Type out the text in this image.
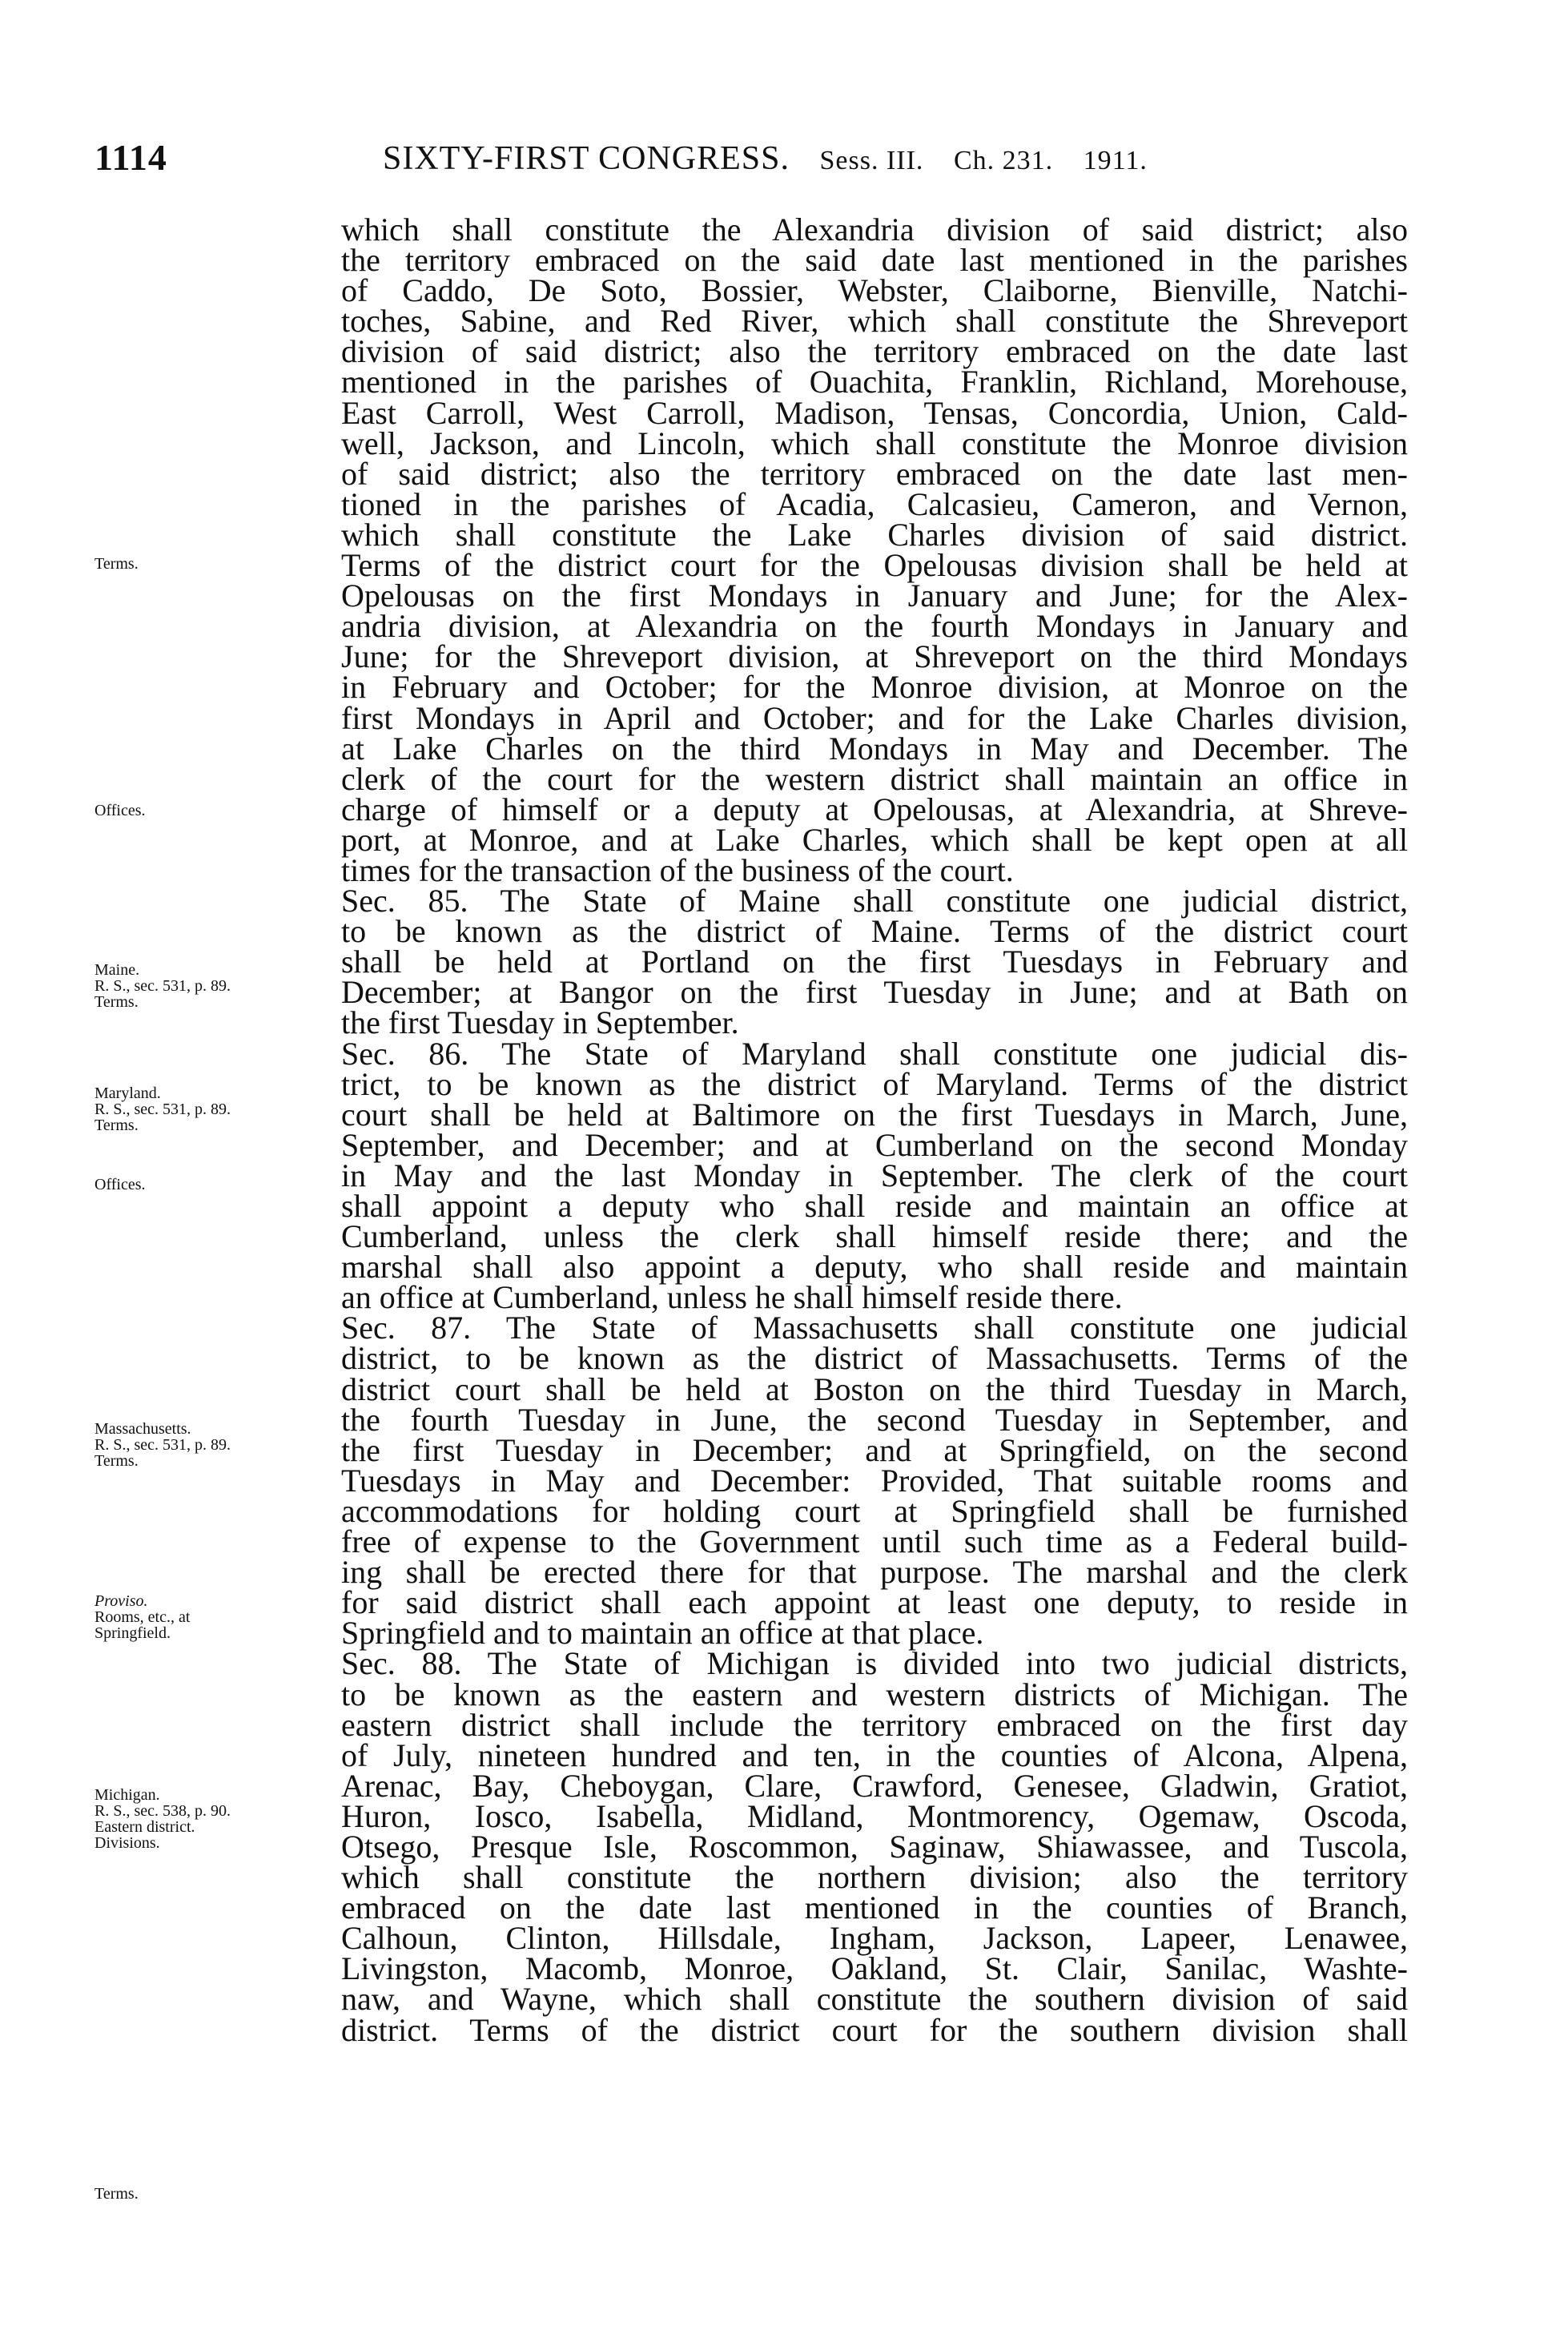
1114	SIXTY-FIRST CONGRESS. Sess. III. Ch. 231. 1911.
Terms.
Offices.
Maine.
R. S., sec. 531, p. 89.
Terms.
Maryland.
R. S., sec. 531, p. 89.
Terms.
Offices.
Massachusetts.
R. S., sec. 531, p. 89.
Terms.
Proviso.
Rooms, etc., at
Springfield.
Michigan.
R. S., sec. 538, p. 90.
Eastern district.
Divisions.
Terms.
which shall constitute the Alexandria division of said district; also
the territory embraced on the said date last mentioned in the parishes
of Caddo, De Soto, Bossier, Webster, Claiborne, Bienville, Natchi-
toches, Sabine, and Red River, which shall constitute the Shreveport
division of said district; also the territory embraced on the date last
mentioned in the parishes of Ouachita, Franklin, Richland, Morehouse,
East Carroll, West Carroll, Madison, Tensas, Concordia, Union, Cald-
well, Jackson, and Lincoln, which shall constitute the Monroe division
of said district; also the territory embraced on the date last men-
tioned in the parishes of Acadia, Calcasieu, Cameron, and Vernon,
which shall constitute the Lake Charles division of said district.
Terms of the district court for the Opelousas division shall be held at
Opelousas on the first Mondays in January and June; for the Alex-
andria division, at Alexandria on the fourth Mondays in January and
June; for the Shreveport division, at Shreveport on the third Mondays
in February and October; for the Monroe division, at Monroe on the
first Mondays in April and October; and for the Lake Charles division,
at Lake Charles on the third Mondays in May and December. The
clerk of the court for the western district shall maintain an office in
charge of himself or a deputy at Opelousas, at Alexandria, at Shreve-
port, at Monroe, and at Lake Charles, which shall be kept open at all
times for the transaction of the business of the court.
Sec. 85. The State of Maine shall constitute one judicial district,
to be known as the district of Maine. Terms of the district court
shall be held at Portland on the first Tuesdays in February and
December; at Bangor on the first Tuesday in June; and at Bath on
the first Tuesday in September.
Sec. 86. The State of Maryland shall constitute one judicial dis-
trict, to be known as the district of Maryland. Terms of the district
court shall be held at Baltimore on the first Tuesdays in March, June,
September, and December; and at Cumberland on the second Monday
in May and the last Monday in September. The clerk of the court
shall appoint a deputy who shall reside and maintain an office at
Cumberland, unless the clerk shall himself reside there; and the
marshal shall also appoint a deputy, who shall reside and maintain
an office at Cumberland, unless he shall himself reside there.
Sec. 87. The State of Massachusetts shall constitute one judicial
district, to be known as the district of Massachusetts. Terms of the
district court shall be held at Boston on the third Tuesday in March,
the fourth Tuesday in June, the second Tuesday in September, and
the first Tuesday in December; and at Springfield, on the second
Tuesdays in May and December: Provided, That suitable rooms and
accommodations for holding court at Springfield shall be furnished
free of expense to the Government until such time as a Federal build-
ing shall be erected there for that purpose. The marshal and the clerk
for said district shall each appoint at least one deputy, to reside in
Springfield and to maintain an office at that place.
Sec. 88. The State of Michigan is divided into two judicial districts,
to be known as the eastern and western districts of Michigan. The
eastern district shall include the territory embraced on the first day
of July, nineteen hundred and ten, in the counties of Alcona, Alpena,
Arenac, Bay, Cheboygan, Clare, Crawford, Genesee, Gladwin, Gratiot,
Huron, Iosco, Isabella, Midland, Montmorency, Ogemaw, Oscoda,
Otsego, Presque Isle, Roscommon, Saginaw, Shiawassee, and Tuscola,
which shall constitute the northern division; also the territory
embraced on the date last mentioned in the counties of Branch,
Calhoun, Clinton, Hillsdale, Ingham, Jackson, Lapeer, Lenawee,
Livingston, Macomb, Monroe, Oakland, St. Clair, Sanilac, Washte-
naw, and Wayne, which shall constitute the southern division of said
district. Terms of the district court for the southern division shall
